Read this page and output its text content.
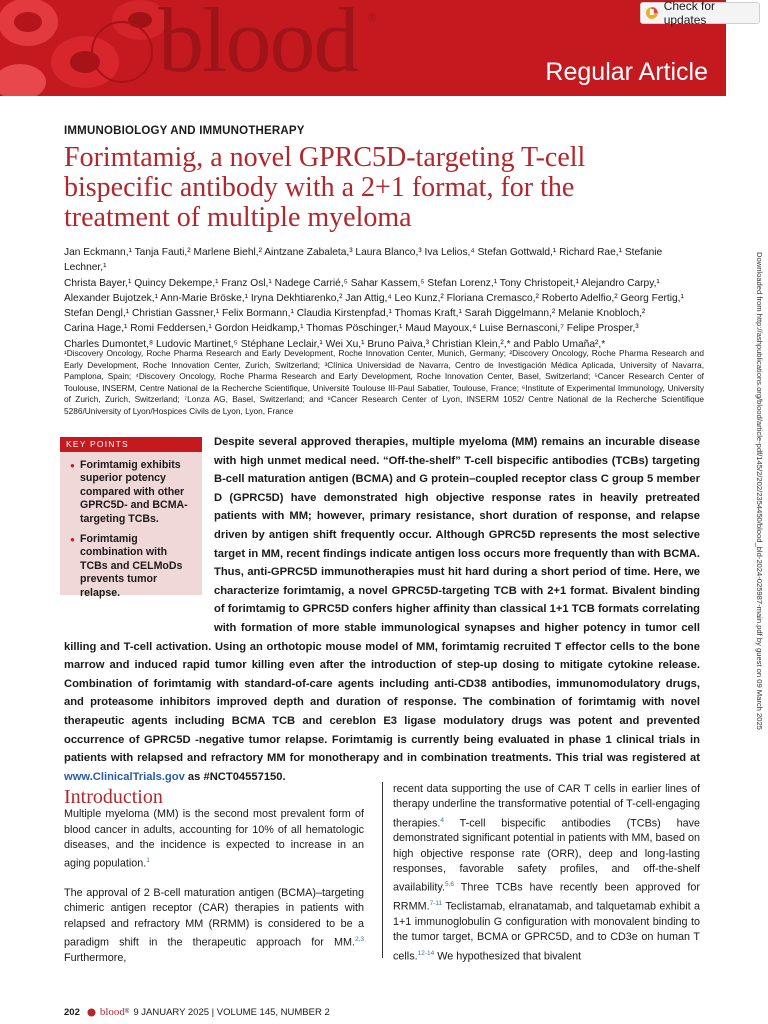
blood ®
Regular Article
Check for updates
IMMUNOBIOLOGY AND IMMUNOTHERAPY
Forimtamig, a novel GPRC5D-targeting T-cell bispecific antibody with a 2+1 format, for the treatment of multiple myeloma
Jan Eckmann,¹ Tanja Fauti,² Marlene Biehl,² Aintzane Zabaleta,³ Laura Blanco,³ Iva Lelios,⁴ Stefan Gottwald,¹ Richard Rae,¹ Stefanie Lechner,¹
Christa Bayer,¹ Quincy Dekempe,¹ Franz Osl,¹ Nadege Carrié,⁵ Sahar Kassem,⁵ Stefan Lorenz,¹ Tony Christopeit,¹ Alejandro Carpy,¹
Alexander Bujotzek,¹ Ann-Marie Bröske,¹ Iryna Dekhtiarenko,² Jan Attig,⁴ Leo Kunz,² Floriana Cremasco,² Roberto Adelfio,² Georg Fertig,¹
Stefan Dengl,¹ Christian Gassner,¹ Felix Bormann,¹ Claudia Kirstenpfad,¹ Thomas Kraft,¹ Sarah Diggelmann,² Melanie Knobloch,²
Carina Hage,¹ Romi Feddersen,¹ Gordon Heidkamp,¹ Thomas Pöschinger,¹ Maud Mayoux,⁴ Luise Bernasconi,⁷ Felipe Prosper,³
Charles Dumontet,⁸ Ludovic Martinet,⁵ Stéphane Leclair,¹ Wei Xu,¹ Bruno Paiva,³ Christian Klein,²,* and Pablo Umaña²,*
¹Discovery Oncology, Roche Pharma Research and Early Development, Roche Innovation Center, Munich, Germany; ²Discovery Oncology, Roche Pharma Research and Early Development, Roche Innovation Center, Zurich, Switzerland; ³Clínica Universidad de Navarra, Centro de Investigación Médica Aplicada, University of Navarra, Pamplona, Spain; ⁴Discovery Oncology, Roche Pharma Research and Early Development, Roche Innovation Center, Basel, Switzerland; ⁵Cancer Research Center of Toulouse, INSERM, Centre National de la Recherche Scientifique, Université Toulouse III-Paul Sabatier, Toulouse, France; ⁶Institute of Experimental Immunology, University of Zurich, Zurich, Switzerland; ⁷Lonza AG, Basel, Switzerland; and ⁸Cancer Research Center of Lyon, INSERM 1052/ Centre National de la Recherche Scientifique 5286/University of Lyon/Hospices Civils de Lyon, Lyon, France
KEY POINTS
● Forimtamig exhibits superior potency compared with other GPRC5D- and BCMA-targeting TCBs.
● Forimtamig combination with TCBs and CELMoDs prevents tumor relapse.

Despite several approved therapies, multiple myeloma (MM) remains an incurable disease with high unmet medical need. “Off-the-shelf” T-cell bispecific antibodies (TCBs) targeting B-cell maturation antigen (BCMA) and G protein–coupled receptor class C group 5 member D (GPRC5D) have demonstrated high objective response rates in heavily pretreated patients with MM; however, primary resistance, short duration of response, and relapse driven by antigen shift frequently occur. Although GPRC5D represents the most selective target in MM, recent findings indicate antigen loss occurs more frequently than with BCMA. Thus, anti-GPRC5D immunotherapies must hit hard during a short period of time. Here, we characterize forimtamig, a novel GPRC5D-targeting TCB with 2+1 format. Bivalent binding of forimtamig to GPRC5D confers higher affinity than classical 1+1 TCB formats correlating with formation of more stable immunological synapses and higher potency in tumor cell killing and T-cell activation. Using an orthotopic mouse model of MM, forimtamig recruited T effector cells to the bone marrow and induced rapid tumor killing even after the introduction of step-up dosing to mitigate cytokine release. Combination of forimtamig with standard-of-care agents including anti-CD38 antibodies, immunomodulatory drugs, and proteasome inhibitors improved depth and duration of response. The combination of forimtamig with novel therapeutic agents including BCMA TCB and cereblon E3 ligase modulatory drugs was potent and prevented occurrence of GPRC5D -negative tumor relapse. Forimtamig is currently being evaluated in phase 1 clinical trials in patients with relapsed and refractory MM for monotherapy and in combination treatments. This trial was registered at www.ClinicalTrials.gov as #NCT04557150.

Introduction

Multiple myeloma (MM) is the second most prevalent form of blood cancer in adults, accounting for 10% of all hematologic diseases, and the incidence is expected to increase in an aging population.$^1$

The approval of 2 B-cell maturation antigen (BCMA)–targeting chimeric antigen receptor (CAR) therapies in patients with relapsed and refractory MM (RRMM) is considered to be a paradigm shift in the therapeutic approach for MM.$^{2,3}$ Furthermore,

recent data supporting the use of CAR T cells in earlier lines of therapy underline the transformative potential of T-cell-engaging therapies.$^4$ T-cell bispecific antibodies (TCBs) have demonstrated significant potential in patients with MM, based on high objective response rate (ORR), deep and long-lasting responses, favorable safety profiles, and off-the-shelf availability.$^{5,6}$ Three TCBs have recently been approved for RRMM.$^{7-11}$ Teclistamab, elranatamab, and talquetamab exhibit a 1+1 immunoglobulin G configuration with monovalent binding to the tumor target, BCMA or GPRC5D, and to CD3e on human T cells.$^{12-14}$ We hypothesized that bivalent

202 blood ® 9 JANUARY 2025 | VOLUME 145, NUMBER 2
Downloaded from http://ashpublications.org/blood/article-pdf/145/2/202/2354450/blood_bld-2024-025987-main.pdf by guest on 09 March 2025
